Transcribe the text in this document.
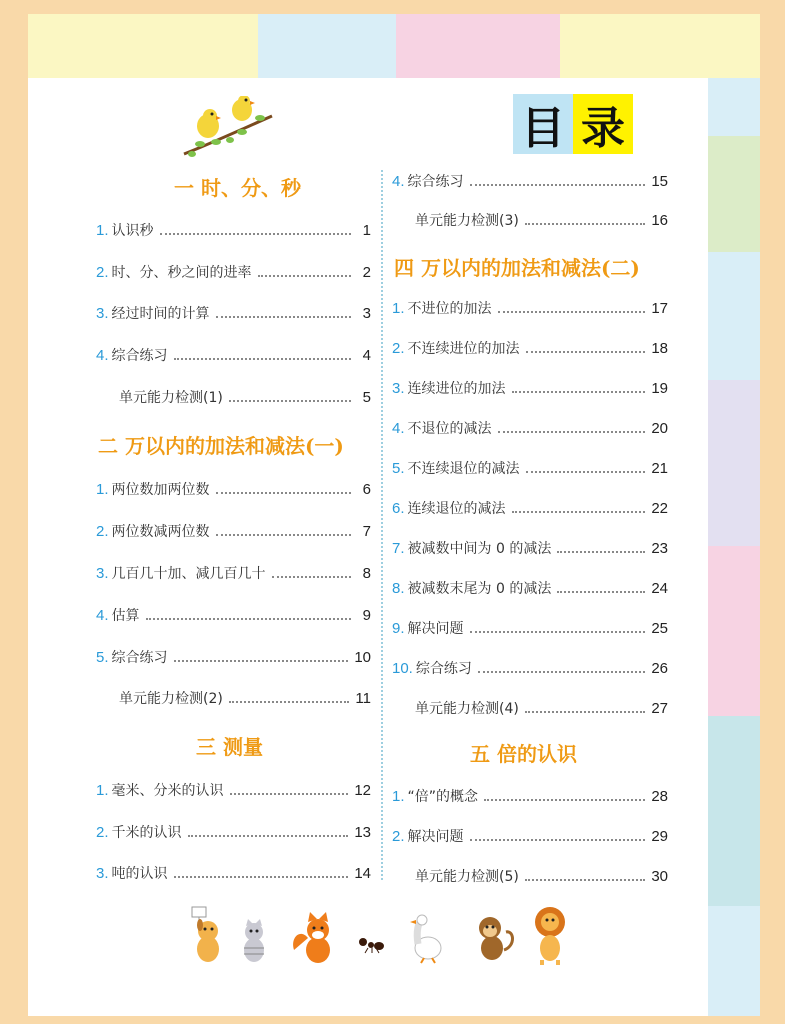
目 录
一 时、分、秒
1. 认识秒	1
2. 时、分、秒之间的进率	2
3. 经过时间的计算	3
4. 综合练习	4
单元能力检测(1)	5
二 万以内的加法和减法(一)
1. 两位数加两位数	6
2. 两位数减两位数	7
3. 几百几十加、减几百几十	8
4. 估算	9
5. 综合练习	10
单元能力检测(2)	11
三 测量
1. 毫米、分米的认识	12
2. 千米的认识	13
3. 吨的认识	14
4. 综合练习	15
单元能力检测(3)	16
四 万以内的加法和减法(二)
1. 不进位的加法	17
2. 不连续进位的加法	18
3. 连续进位的加法	19
4. 不退位的减法	20
5. 不连续退位的减法	21
6. 连续退位的减法	22
7. 被减数中间为 0 的减法	23
8. 被减数末尾为 0 的减法	24
9. 解决问题	25
10. 综合练习	26
单元能力检测(4)	27
五 倍的认识
1. “倍”的概念	28
2. 解决问题	29
单元能力检测(5)	30
